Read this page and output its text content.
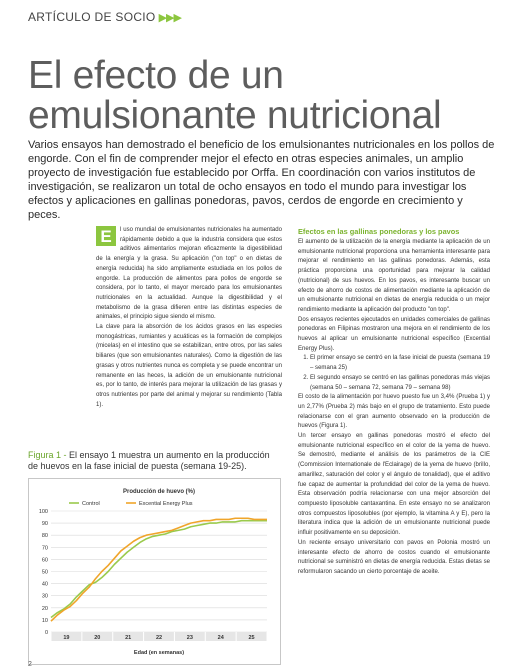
ARTÍCULO DE SOCIO ▶▶▶
El efecto de un
emulsionante nutricional

Varios ensayos han demostrado el beneficio de los emulsionantes nutricionales en los pollos de engorde. Con el fin de comprender mejor el efecto en otras especies animales, un amplio proyecto de investigación fue establecido por Orffa. En coordinación con varios institutos de investigación, se realizaron un total de ocho ensayos en todo el mundo para investigar los efectos y aplicaciones en gallinas ponedoras, pavos, cerdos de engorde en crecimiento y peces.

E	l uso mundial de emulsionantes nutricionales ha aumentado rápidamente debido a que la industria considera que estos aditivos alimentarios mejoran eficazmente la digestibilidad de la energía y la grasa. Su aplicación ("on top" o en dietas de energía reducida) ha sido ampliamente estudiada en los pollos de engorde. La producción de alimentos para pollos de engorde se considera, por lo tanto, el mayor mercado para los emulsionantes nutricionales en la actualidad. Aunque la digestibilidad y el metabolismo de la grasa difieren entre las distintas especies de animales, el principio sigue siendo el mismo.

La clave para la absorción de los ácidos grasos en las especies monogástricas, rumiantes y acuáticas es la formación de complejos (micelas) en el intestino que se estabilizan, entre otros, por las sales biliares (que son emulsionantes naturales). Como la digestión de las grasas y otros nutrientes nunca es completa y se puede encontrar un remanente en las heces, la adición de un emulsionante nutricional es, por lo tanto, de interés para mejorar la utilización de las grasas y otros nutrientes por parte del animal y mejorar su rendimiento (Tabla 1).

Efectos en las gallinas ponedoras y los pavos

El aumento de la utilización de la energía mediante la aplicación de un emulsionante nutricional proporciona una herramienta interesante para mejorar el rendimiento en las gallinas ponedoras. Además, esta práctica proporciona una oportunidad para mejorar la calidad (nutricional) de sus huevos. En los pavos, es interesante buscar un efecto de ahorro de costos de alimentación mediante la aplicación de un emulsionante nutricional en dietas de energía reducida o un mejor rendimiento mediante la aplicación del producto "on top".

Dos ensayos recientes ejecutados en unidades comerciales de gallinas ponedoras en Filipinas mostraron una mejora en el rendimiento de los huevos al aplicar un emulsionante nutricional específico (Excential Energy Plus).

1. El primer ensayo se centró en la fase inicial de puesta (semana 19 – semana 25)
2. El segundo ensayo se centró en las gallinas ponedoras más viejas (semana 50 – semana 72, semana 79 – semana 98)

El costo de la alimentación por huevo puesto fue un 3,4% (Prueba 1) y un 2,77% (Prueba 2) más bajo en el grupo de tratamiento. Esto puede relacionarse con el gran aumento observado en la producción de huevos (Figura 1).

Un tercer ensayo en gallinas ponedoras mostró el efecto del emulsionante nutricional específico en el color de la yema de huevo. Se demostró, mediante el análisis de los parámetros de la CIE (Commission Internationale de l'Eclairage) de la yema de huevo (brillo, amarillez, saturación del color y el ángulo de tonalidad), que el aditivo fue capaz de aumentar la profundidad del color de la yema de huevo. Esta observación podría relacionarse con una mejor absorción del compuesto liposoluble cantaxantina. En este ensayo no se analizaron otros compuestos liposolubles (por ejemplo, la vitamina A y E), pero la literatura indica que la adición de un emulsionante nutricional puede influir positivamente en su deposición.

Un reciente ensayo universitario con pavos en Polonia mostró un interesante efecto de ahorro de costos cuando el emulsionante nutricional se suministró en dietas de energía reducida. Estas dietas se reformularon sacando un cierto porcentaje de aceite.

Figura 1 - El ensayo 1 muestra un aumento en la producción de huevos en la fase inicial de puesta (semana 19-25).
Producción de huevo (%)
0
10
20
30
40
50
60
70
80
90
100
19	20	21	22	23	24	25
Edad (en semanas)
Control	Excential Energy Plus
2
